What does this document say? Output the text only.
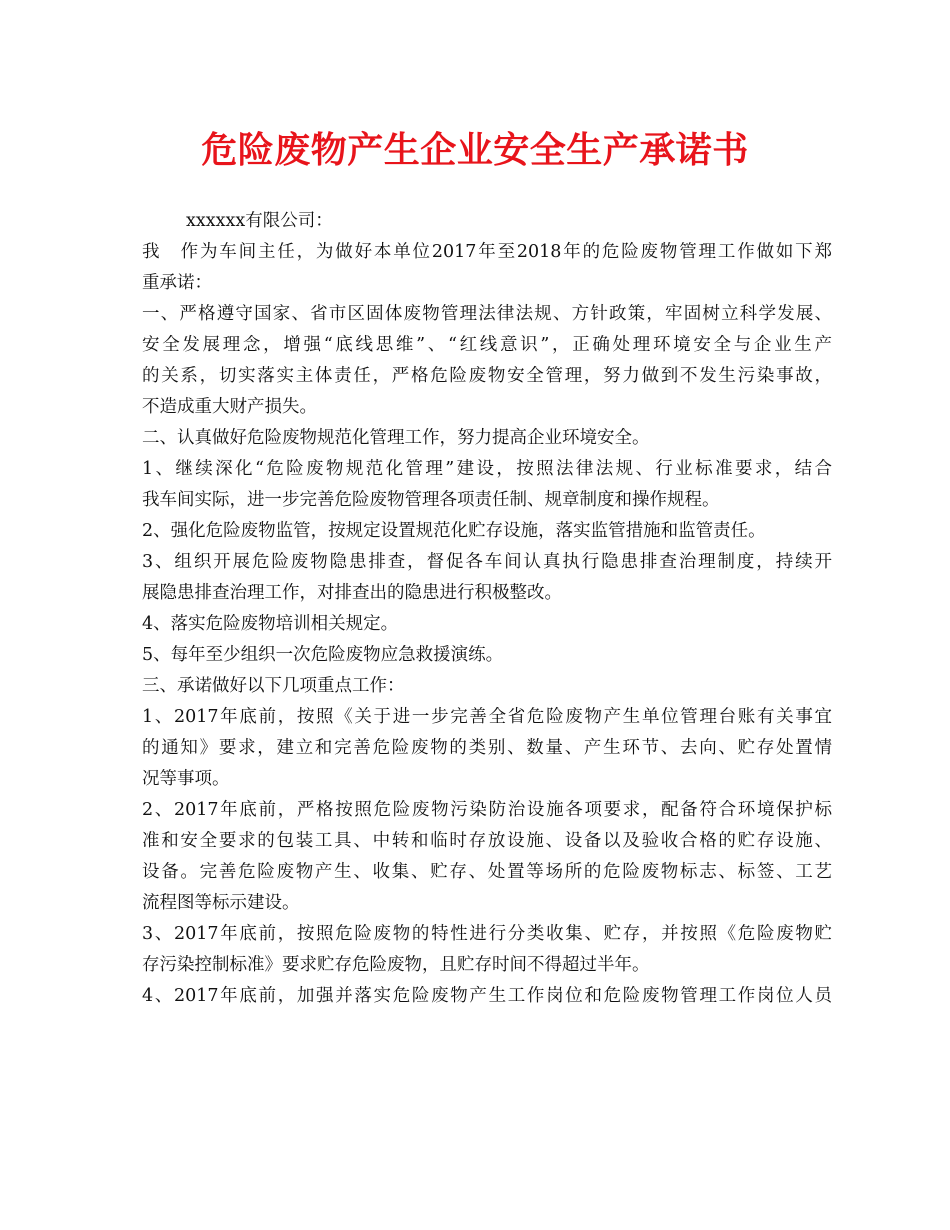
危险废物产生企业安全生产承诺书

xxxxxx有限公司：

我　作为车间主任，为做好本单位2017年至2018年的危险废物管理工作做如下郑

重承诺：

一、严格遵守国家、省市区固体废物管理法律法规、方针政策，牢固树立科学发展、

安全发展理念，增强“底线思维”、“红线意识”，正确处理环境安全与企业生产

的关系，切实落实主体责任，严格危险废物安全管理，努力做到不发生污染事故，

不造成重大财产损失。

二、认真做好危险废物规范化管理工作，努力提高企业环境安全。

1、继续深化“危险废物规范化管理”建设，按照法律法规、行业标准要求，结合

我车间实际，进一步完善危险废物管理各项责任制、规章制度和操作规程。

2、强化危险废物监管，按规定设置规范化贮存设施，落实监管措施和监管责任。

3、组织开展危险废物隐患排查，督促各车间认真执行隐患排查治理制度，持续开

展隐患排查治理工作，对排查出的隐患进行积极整改。

4、落实危险废物培训相关规定。

5、每年至少组织一次危险废物应急救援演练。

三、承诺做好以下几项重点工作：

1、2017年底前，按照《关于进一步完善全省危险废物产生单位管理台账有关事宜

的通知》要求，建立和完善危险废物的类别、数量、产生环节、去向、贮存处置情

况等事项。

2、2017年底前，严格按照危险废物污染防治设施各项要求，配备符合环境保护标

准和安全要求的包装工具、中转和临时存放设施、设备以及验收合格的贮存设施、

设备。完善危险废物产生、收集、贮存、处置等场所的危险废物标志、标签、工艺

流程图等标示建设。

3、2017年底前，按照危险废物的特性进行分类收集、贮存，并按照《危险废物贮

存污染控制标准》要求贮存危险废物，且贮存时间不得超过半年。

4、2017年底前，加强并落实危险废物产生工作岗位和危险废物管理工作岗位人员
